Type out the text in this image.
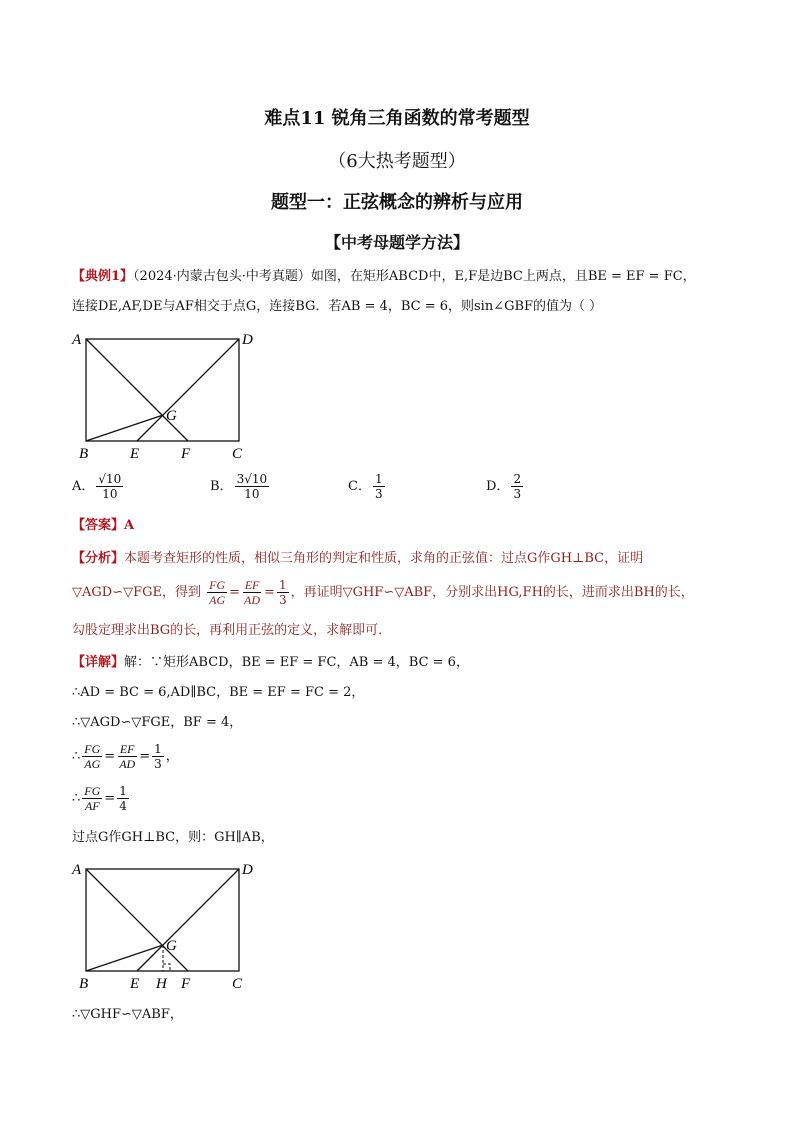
难点11 锐角三角函数的常考题型
（6大热考题型）
题型一：正弦概念的辨析与应用
【中考母题学方法】
【典例1】（2024·内蒙古包头·中考真题）如图，在矩形ABCD中，E,F是边BC上两点，且BE = EF = FC，
连接DE,AF,DE与AF相交于点G，连接BG．若AB = 4，BC = 6，则sin∠GBF的值为（ ）
A	D
G
B	E	F	C
A． $\frac{√10}{10}$	B． $\frac{3√10}{10}$	C． $\frac{1}{3}$	D． $\frac{2}{3}$
【答案】A
【分析】本题考查矩形的性质，相似三角形的判定和性质，求角的正弦值：过点G作GH⊥BC，证明
▽AGD∽▽FGE，得到 $\frac{FG}{AG} = \frac{EF}{AD} = \frac{1}{3}$ ，再证明▽GHF∽▽ABF，分别求出HG,FH的长，进而求出BH的长，
勾股定理求出BG的长，再利用正弦的定义，求解即可．
【详解】解：∵矩形ABCD，BE = EF = FC，AB = 4，BC = 6，
∴AD = BC = 6,AD∥BC，BE = EF = FC = 2，
∴▽AGD∽▽FGE，BF = 4，
∴ $\frac{FG}{AG} = \frac{EF}{AD} = \frac{1}{3}$ ，
∴ $\frac{FG}{AF} = \frac{1}{4}$
过点G作GH⊥BC，则：GH∥AB，
A	D
G
B	E H F	C
∴▽GHF∽▽ABF，
